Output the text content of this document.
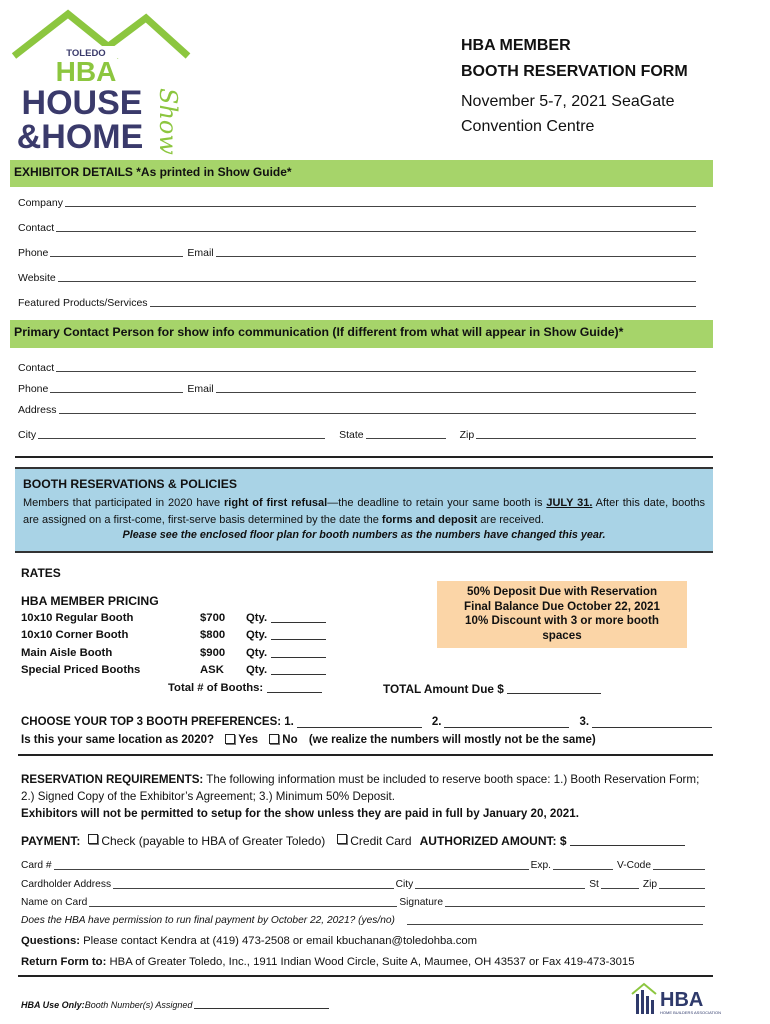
TOLEDO
HBA
HOUSE
&HOME Show
HBA MEMBER
BOOTH RESERVATION FORM
November 5-7, 2021 SeaGate
Convention Centre
EXHIBITOR DETAILS *As printed in Show Guide*
Company
Contact
Phone	Email
Website
Featured Products/Services
Primary Contact Person for show info communication (If different from what will appear in Show Guide)*
Contact
Phone	Email
Address
City	State	Zip
BOOTH RESERVATIONS & POLICIES
Members that participated in 2020 have right of first refusal—the deadline to retain your same booth is JULY 31. After this date, booths are assigned on a first-come, first-serve basis determined by the date the forms and deposit are received.
Please see the enclosed floor plan for booth numbers as the numbers have changed this year.
RATES
HBA MEMBER PRICING
10x10 Regular Booth	$700	Qty.
10x10 Corner Booth	$800	Qty.
Main Aisle Booth	$900	Qty.
Special Priced Booths	ASK	Qty.
Total # of Booths:
50% Deposit Due with Reservation
Final Balance Due October 22, 2021
10% Discount with 3 or more booth
spaces
TOTAL Amount Due $
CHOOSE YOUR TOP 3 BOOTH PREFERENCES: 1.	2.	3.
Is this your same location as 2020? Yes No (we realize the numbers will mostly not be the same)
RESERVATION REQUIREMENTS: The following information must be included to reserve booth space: 1.) Booth Reservation Form; 2.) Signed Copy of the Exhibitor’s Agreement; 3.) Minimum 50% Deposit.
Exhibitors will not be permitted to setup for the show unless they are paid in full by January 20, 2021.
PAYMENT: Check (payable to HBA of Greater Toledo) Credit Card AUTHORIZED AMOUNT: $
Card #	Exp.	V-Code
Cardholder Address	City	St	Zip
Name on Card	Signature
Does the HBA have permission to run final payment by October 22, 2021? (yes/no)
Questions: Please contact Kendra at (419) 473-2508 or email kbuchanan@toledohba.com
Return Form to: HBA of Greater Toledo, Inc., 1911 Indian Wood Circle, Suite A, Maumee, OH 43537 or Fax 419-473-3015
HBA Use Only: Booth Number(s) Assigned	HBA
HOME BUILDERS ASSOCIATION
